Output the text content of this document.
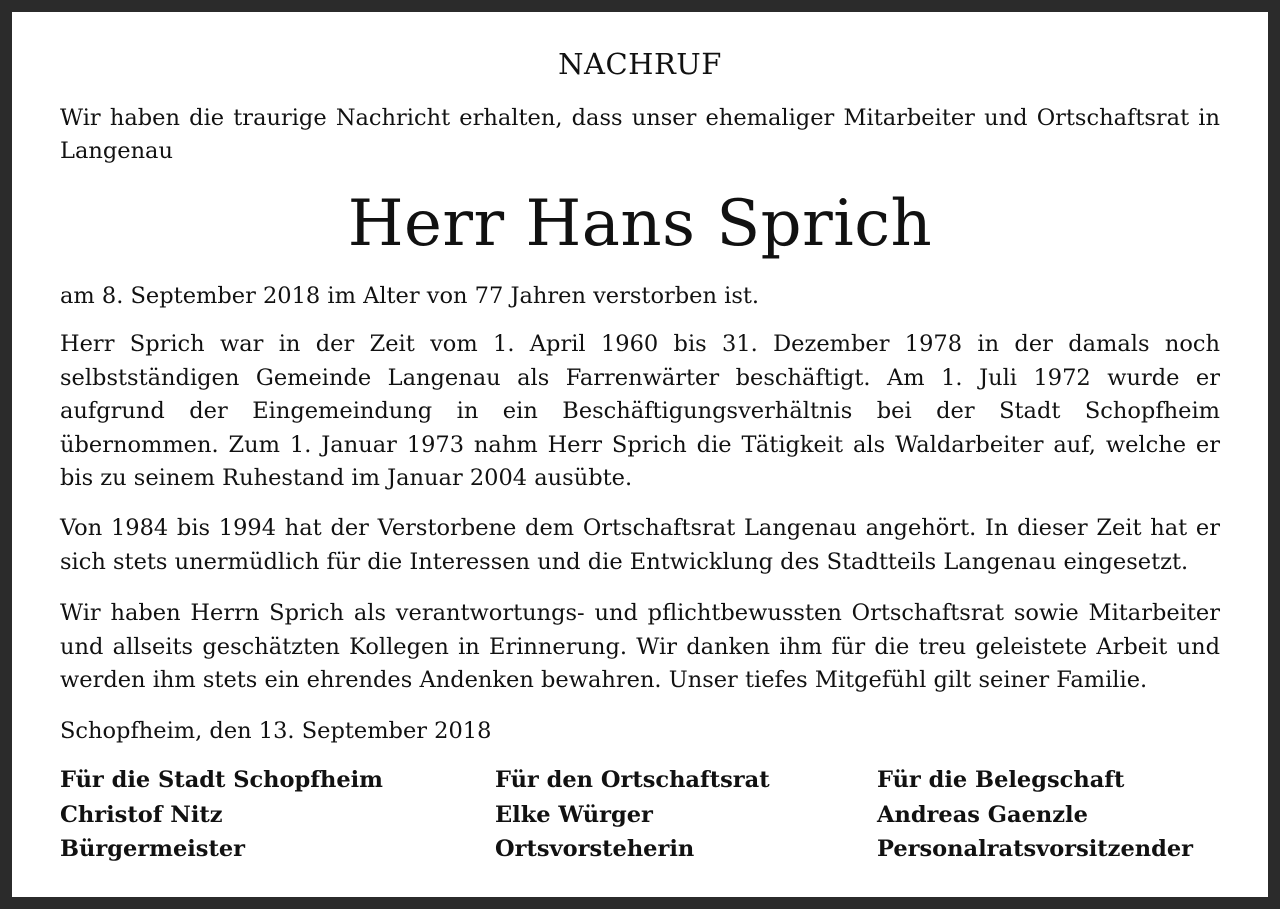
NACHRUF
Wir haben die traurige Nachricht erhalten, dass unser ehemaliger Mitarbeiter und Ortschaftsrat in Langenau
Herr Hans Sprich

am 8. September 2018 im Alter von 77 Jahren verstorben ist.

Herr Sprich war in der Zeit vom 1. April 1960 bis 31. Dezember 1978 in der damals noch selbstständigen Gemeinde Langenau als Farrenwärter beschäftigt. Am 1. Juli 1972 wurde er aufgrund der Eingemeindung in ein Beschäftigungsverhältnis bei der Stadt Schopfheim übernommen. Zum 1. Januar 1973 nahm Herr Sprich die Tätigkeit als Waldarbeiter auf, welche er bis zu seinem Ruhestand im Januar 2004 ausübte.

Von 1984 bis 1994 hat der Verstorbene dem Ortschaftsrat Langenau angehört. In dieser Zeit hat er sich stets unermüdlich für die Interessen und die Entwicklung des Stadtteils Langenau eingesetzt.

Wir haben Herrn Sprich als verantwortungs- und pflichtbewussten Ortschaftsrat sowie Mitarbeiter und allseits geschätzten Kollegen in Erinnerung. Wir danken ihm für die treu geleistete Arbeit und werden ihm stets ein ehrendes Andenken bewahren. Unser tiefes Mitgefühl gilt seiner Familie.

Schopfheim, den 13. September 2018

Für die Stadt Schopfheim
Christof Nitz
Bürgermeister
Für den Ortschaftsrat
Elke Würger
Ortsvorsteherin
Für die Belegschaft
Andreas Gaenzle
Personalratsvorsitzender
